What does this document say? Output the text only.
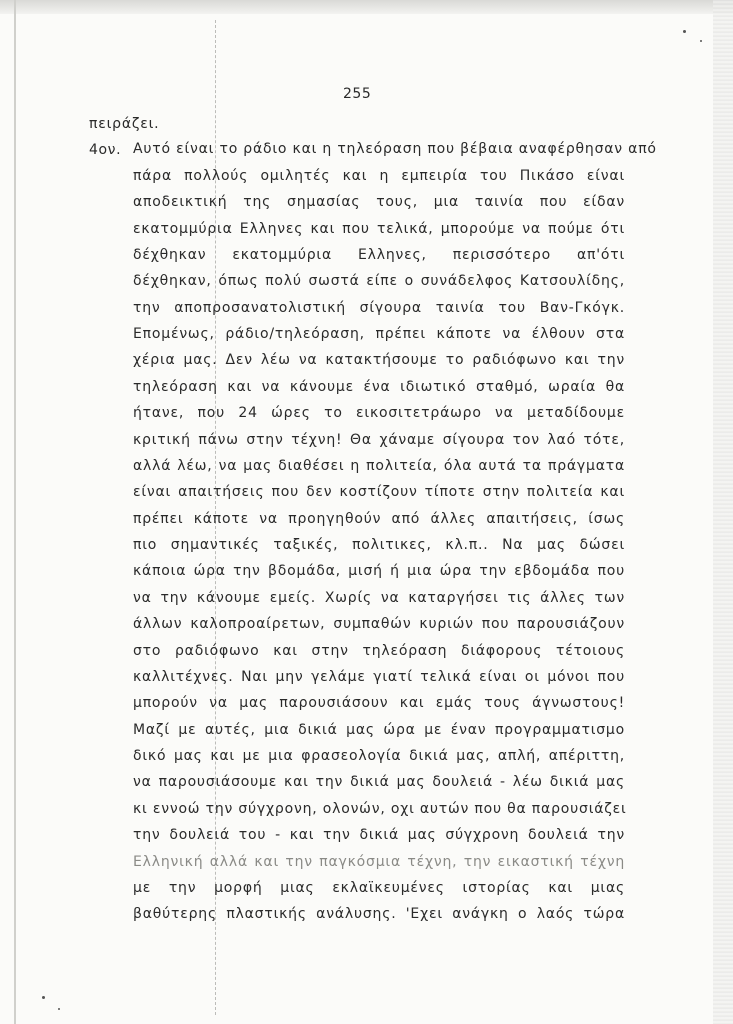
255
πειράζει.
4ον. Αυτό είναι το ράδιο και η τηλεόραση που βέβαια αναφέρθησαν από
πάρα πολλούς ομιλητές και η εμπειρία του Πικάσο είναι
αποδεικτική της σημασίας τους, μια ταινία που είδαν
εκατομμύρια Ελληνες και που τελικά, μπορούμε να πούμε ότι
δέχθηκαν εκατομμύρια Ελληνες, περισσότερο απ'ότι
δέχθηκαν, όπως πολύ σωστά είπε ο συνάδελφος Κατσουλίδης,
την αποπροσανατολιστική σίγουρα ταινία του Βαν-Γκόγκ.
Επομένως, ράδιο/τηλεόραση, πρέπει κάποτε να έλθουν στα
χέρια μας. Δεν λέω να κατακτήσουμε το ραδιόφωνο και την
τηλεόραση και να κάνουμε ένα ιδιωτικό σταθμό, ωραία θα
ήτανε, που 24 ώρες το εικοσιτετράωρο να μεταδίδουμε
κριτική πάνω στην τέχνη! Θα χάναμε σίγουρα τον λαό τότε,
αλλά λέω, να μας διαθέσει η πολιτεία, όλα αυτά τα πράγματα
είναι απαιτήσεις που δεν κοστίζουν τίποτε στην πολιτεία και
πρέπει κάποτε να προηγηθούν από άλλες απαιτήσεις, ίσως
πιο σημαντικές ταξικές, πολιτικες, κλ.π.. Να μας δώσει
κάποια ώρα την βδομάδα, μισή ή μια ώρα την εβδομάδα που
να την κάνουμε εμείς. Χωρίς να καταργήσει τις άλλες των
άλλων καλοπροαίρετων, συμπαθών κυριών που παρουσιάζουν
στο ραδιόφωνο και στην τηλεόραση διάφορους τέτοιους
καλλιτέχνες. Ναι μην γελάμε γιατί τελικά είναι οι μόνοι που
μπορούν να μας παρουσιάσουν και εμάς τους άγνωστους!
Μαζί με αυτές, μια δικιά μας ώρα με έναν προγραμματισμο
δικό μας και με μια φρασεολογία δικιά μας, απλή, απέριττη,
να παρουσιάσουμε και την δικιά μας δουλειά - λέω δικιά μας
κι εννοώ την σύγχρονη, ολονών, οχι αυτών που θα παρουσιάζει
την δουλειά του - και την δικιά μας σύγχρονη δουλειά την
Ελληνική αλλά και την παγκόσμια τέχνη, την εικαστική τέχνη
με την μορφή μιας εκλαϊκευμένες ιστορίας και μιας
βαθύτερης πλαστικής ανάλυσης. 'Εχει ανάγκη ο λαός τώρα
